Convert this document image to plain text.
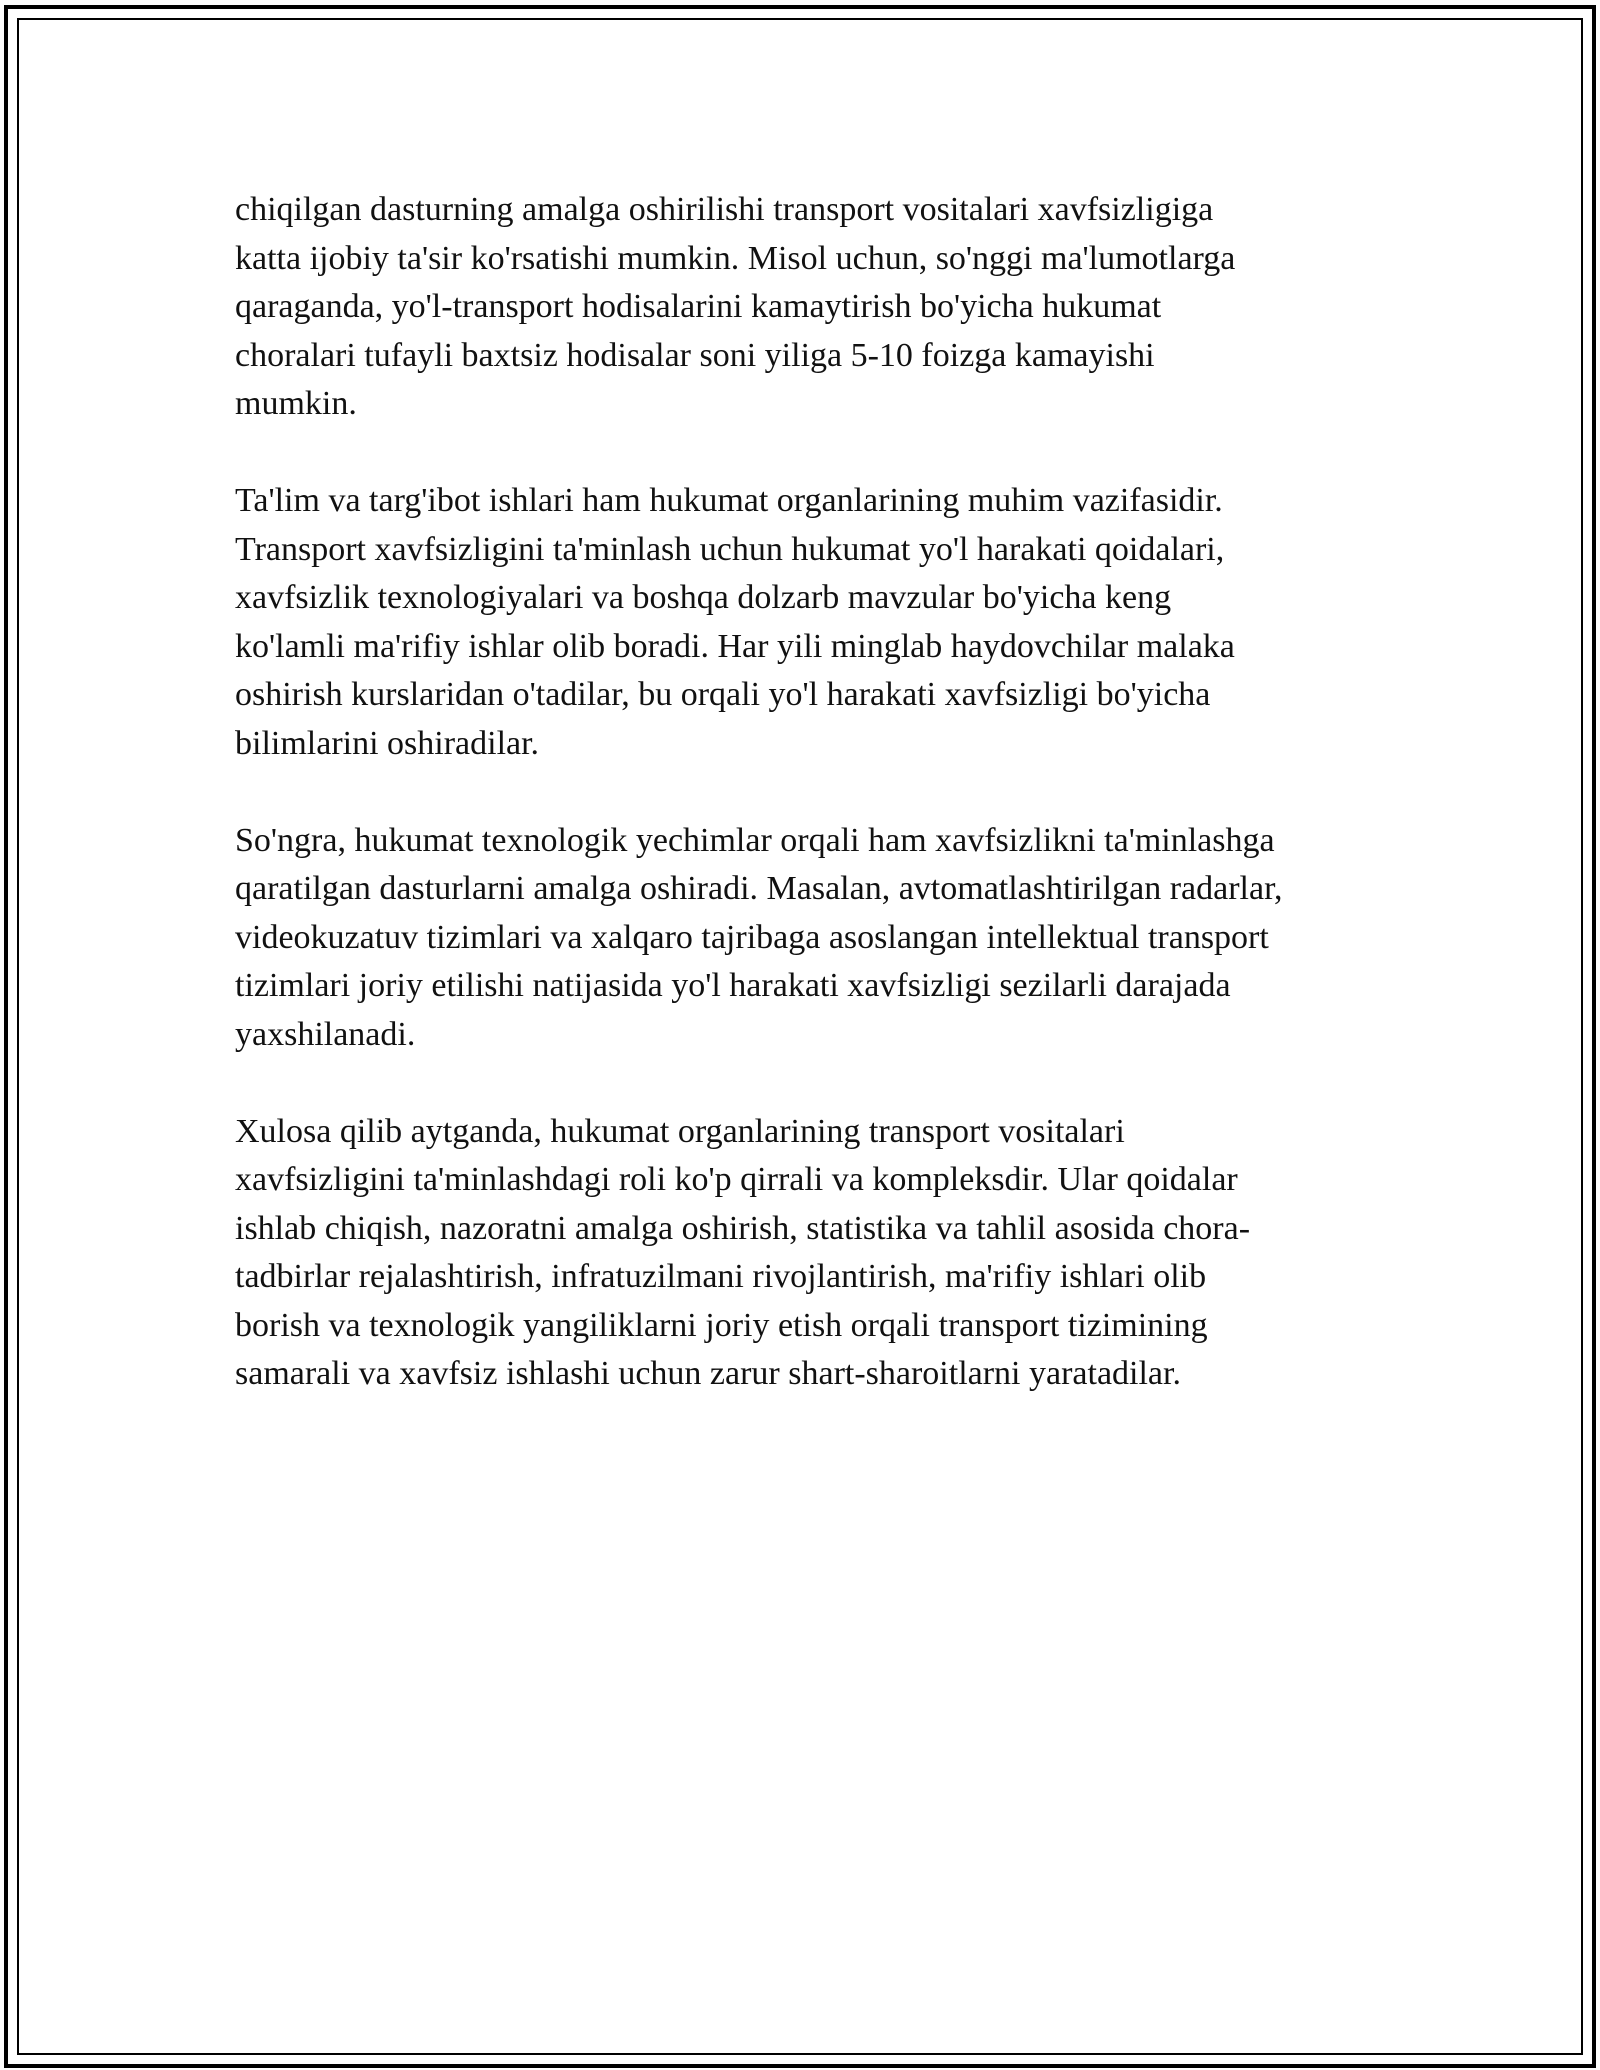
chiqilgan dasturning amalga oshirilishi transport vositalari xavfsizligiga
katta ijobiy ta'sir ko'rsatishi mumkin. Misol uchun, so'nggi ma'lumotlarga
qaraganda, yo'l-transport hodisalarini kamaytirish bo'yicha hukumat
choralari tufayli baxtsiz hodisalar soni yiliga 5-10 foizga kamayishi
mumkin.

Ta'lim va targ'ibot ishlari ham hukumat organlarining muhim vazifasidir.
Transport xavfsizligini ta'minlash uchun hukumat yo'l harakati qoidalari,
xavfsizlik texnologiyalari va boshqa dolzarb mavzular bo'yicha keng
ko'lamli ma'rifiy ishlar olib boradi. Har yili minglab haydovchilar malaka
oshirish kurslaridan o'tadilar, bu orqali yo'l harakati xavfsizligi bo'yicha
bilimlarini oshiradilar.

So'ngra, hukumat texnologik yechimlar orqali ham xavfsizlikni ta'minlashga
qaratilgan dasturlarni amalga oshiradi. Masalan, avtomatlashtirilgan radarlar,
videokuzatuv tizimlari va xalqaro tajribaga asoslangan intellektual transport
tizimlari joriy etilishi natijasida yo'l harakati xavfsizligi sezilarli darajada
yaxshilanadi.

Xulosa qilib aytganda, hukumat organlarining transport vositalari
xavfsizligini ta'minlashdagi roli ko'p qirrali va kompleksdir. Ular qoidalar
ishlab chiqish, nazoratni amalga oshirish, statistika va tahlil asosida chora-
tadbirlar rejalashtirish, infratuzilmani rivojlantirish, ma'rifiy ishlari olib
borish va texnologik yangiliklarni joriy etish orqali transport tizimining
samarali va xavfsiz ishlashi uchun zarur shart-sharoitlarni yaratadilar.
